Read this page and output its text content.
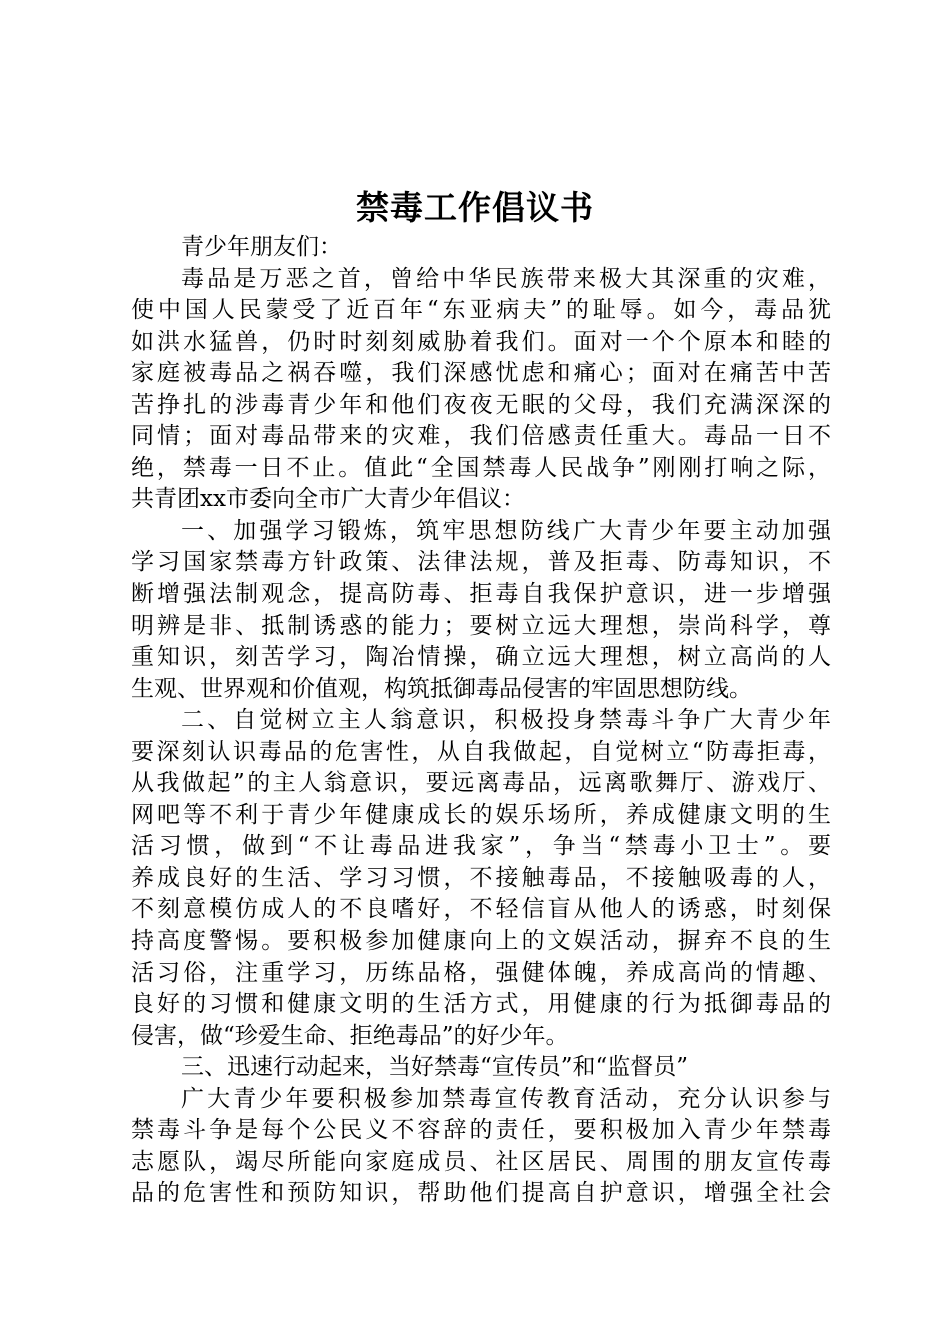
禁毒工作倡议书
青少年朋友们：
毒品是万恶之首，曾给中华民族带来极大其深重的灾难，
使中国人民蒙受了近百年“东亚病夫”的耻辱。如今，毒品犹
如洪水猛兽，仍时时刻刻威胁着我们。面对一个个原本和睦的
家庭被毒品之祸吞噬，我们深感忧虑和痛心；面对在痛苦中苦
苦挣扎的涉毒青少年和他们夜夜无眠的父母，我们充满深深的
同情；面对毒品带来的灾难，我们倍感责任重大。毒品一日不
绝，禁毒一日不止。值此“全国禁毒人民战争”刚刚打响之际，
共青团xx市委向全市广大青少年倡议：
一、加强学习锻炼，筑牢思想防线广大青少年要主动加强
学习国家禁毒方针政策、法律法规，普及拒毒、防毒知识，不
断增强法制观念，提高防毒、拒毒自我保护意识，进一步增强
明辨是非、抵制诱惑的能力；要树立远大理想，崇尚科学，尊
重知识，刻苦学习，陶冶情操，确立远大理想，树立高尚的人
生观、世界观和价值观，构筑抵御毒品侵害的牢固思想防线。
二、自觉树立主人翁意识，积极投身禁毒斗争广大青少年
要深刻认识毒品的危害性，从自我做起，自觉树立“防毒拒毒，
从我做起”的主人翁意识，要远离毒品，远离歌舞厅、游戏厅、
网吧等不利于青少年健康成长的娱乐场所，养成健康文明的生
活习惯，做到“不让毒品进我家”，争当“禁毒小卫士”。要
养成良好的生活、学习习惯，不接触毒品，不接触吸毒的人，
不刻意模仿成人的不良嗜好，不轻信盲从他人的诱惑，时刻保
持高度警惕。要积极参加健康向上的文娱活动，摒弃不良的生
活习俗，注重学习，历练品格，强健体魄，养成高尚的情趣、
良好的习惯和健康文明的生活方式，用健康的行为抵御毒品的
侵害，做“珍爱生命、拒绝毒品”的好少年。
三、迅速行动起来，当好禁毒“宣传员”和“监督员”
广大青少年要积极参加禁毒宣传教育活动，充分认识参与
禁毒斗争是每个公民义不容辞的责任，要积极加入青少年禁毒
志愿队，竭尽所能向家庭成员、社区居民、周围的朋友宣传毒
品的危害性和预防知识，帮助他们提高自护意识，增强全社会
